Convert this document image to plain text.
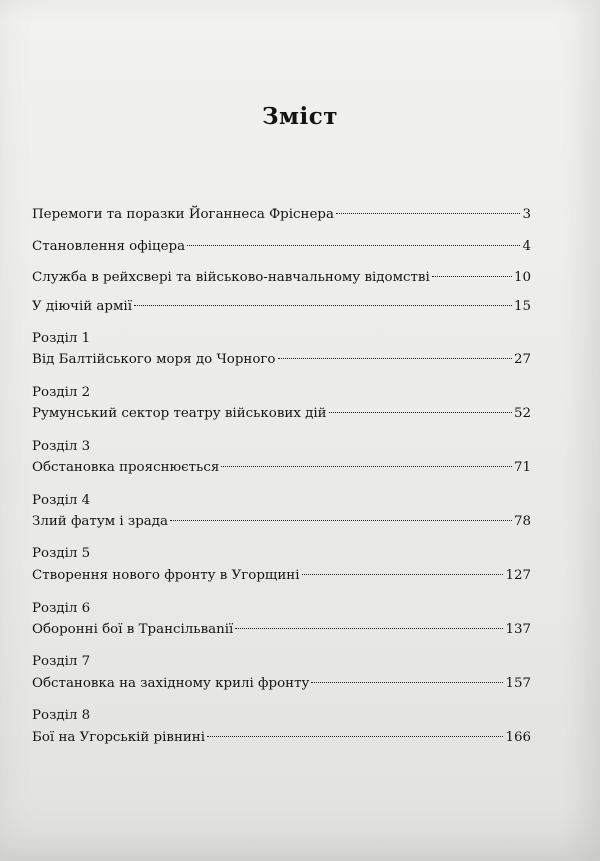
Зміст
Перемоги та поразки Йоганнеса Фріснера	3
Становлення офіцера	4
Служба в рейхсвері та військово-навчальному відомстві	10
У діючій армії	15
Розділ 1
Від Балтійського моря до Чорного	27
Розділ 2
Румунський сектор театру військових дій	52
Розділ 3
Обстановка прояснюється	71
Розділ 4
Злий фатум і зрада	78
Розділ 5
Створення нового фронту в Угорщині	127
Розділ 6
Оборонні бої в Трансільвanії	137
Розділ 7
Обстановка на західному крилі фронту	157
Розділ 8
Бої на Угорській рівнині	166
